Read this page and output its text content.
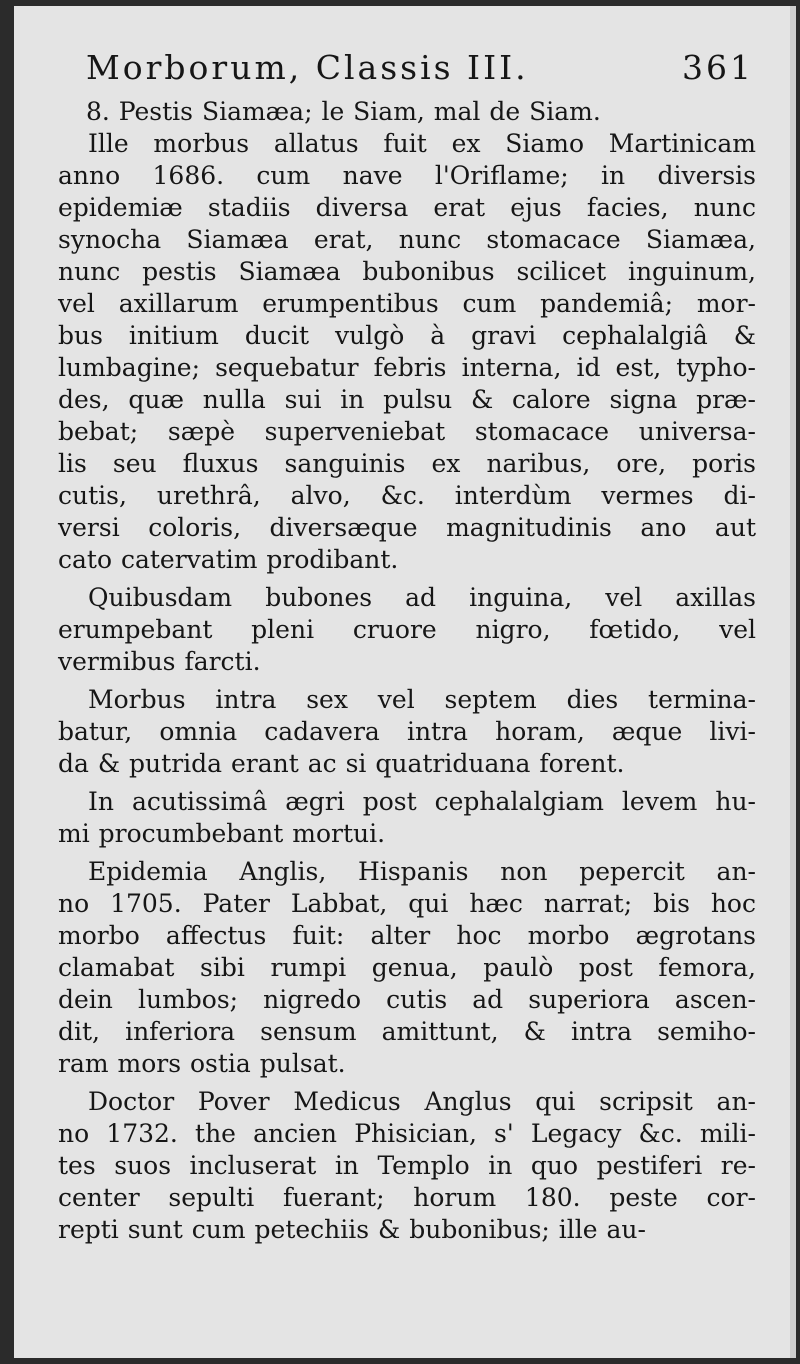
Morborum, Classis III.	361
8. Pestis Siamæa; le Siam, mal de Siam.
Ille morbus allatus fuit ex Siamo Martinicam
anno 1686. cum nave l'Oriflame; in diversis
epidemiæ stadiis diversa erat ejus facies, nunc
synocha Siamæa erat, nunc stomacace Siamæa,
nunc pestis Siamæa bubonibus scilicet inguinum,
vel axillarum erumpentibus cum pandemiâ; mor-
bus initium ducit vulgò à gravi cephalalgiâ &
lumbagine; sequebatur febris interna, id est, typho-
des, quæ nulla sui in pulsu & calore signa præ-
bebat; sæpè superveniebat stomacace universa-
lis seu fluxus sanguinis ex naribus, ore, poris
cutis, urethrâ, alvo, &c. interdùm vermes di-
versi coloris, diversæque magnitudinis ano aut
cato catervatim prodibant.
Quibusdam bubones ad inguina, vel axillas
erumpebant pleni cruore nigro, fœtido, vel
vermibus farcti.
Morbus intra sex vel septem dies termina-
batur, omnia cadavera intra horam, æque livi-
da & putrida erant ac si quatriduana forent.
In acutissimâ ægri post cephalalgiam levem hu-
mi procumbebant mortui.
Epidemia Anglis, Hispanis non pepercit an-
no 1705. Pater Labbat, qui hæc narrat; bis hoc
morbo affectus fuit: alter hoc morbo ægrotans
clamabat sibi rumpi genua, paulò post femora,
dein lumbos; nigredo cutis ad superiora ascen-
dit, inferiora sensum amittunt, & intra semiho-
ram mors ostia pulsat.
Doctor Pover Medicus Anglus qui scripsit an-
no 1732. the ancien Phisician, s' Legacy &c. mili-
tes suos incluserat in Templo in quo pestiferi re-
center sepulti fuerant; horum 180. peste cor-
repti sunt cum petechiis & bubonibus; ille au-
